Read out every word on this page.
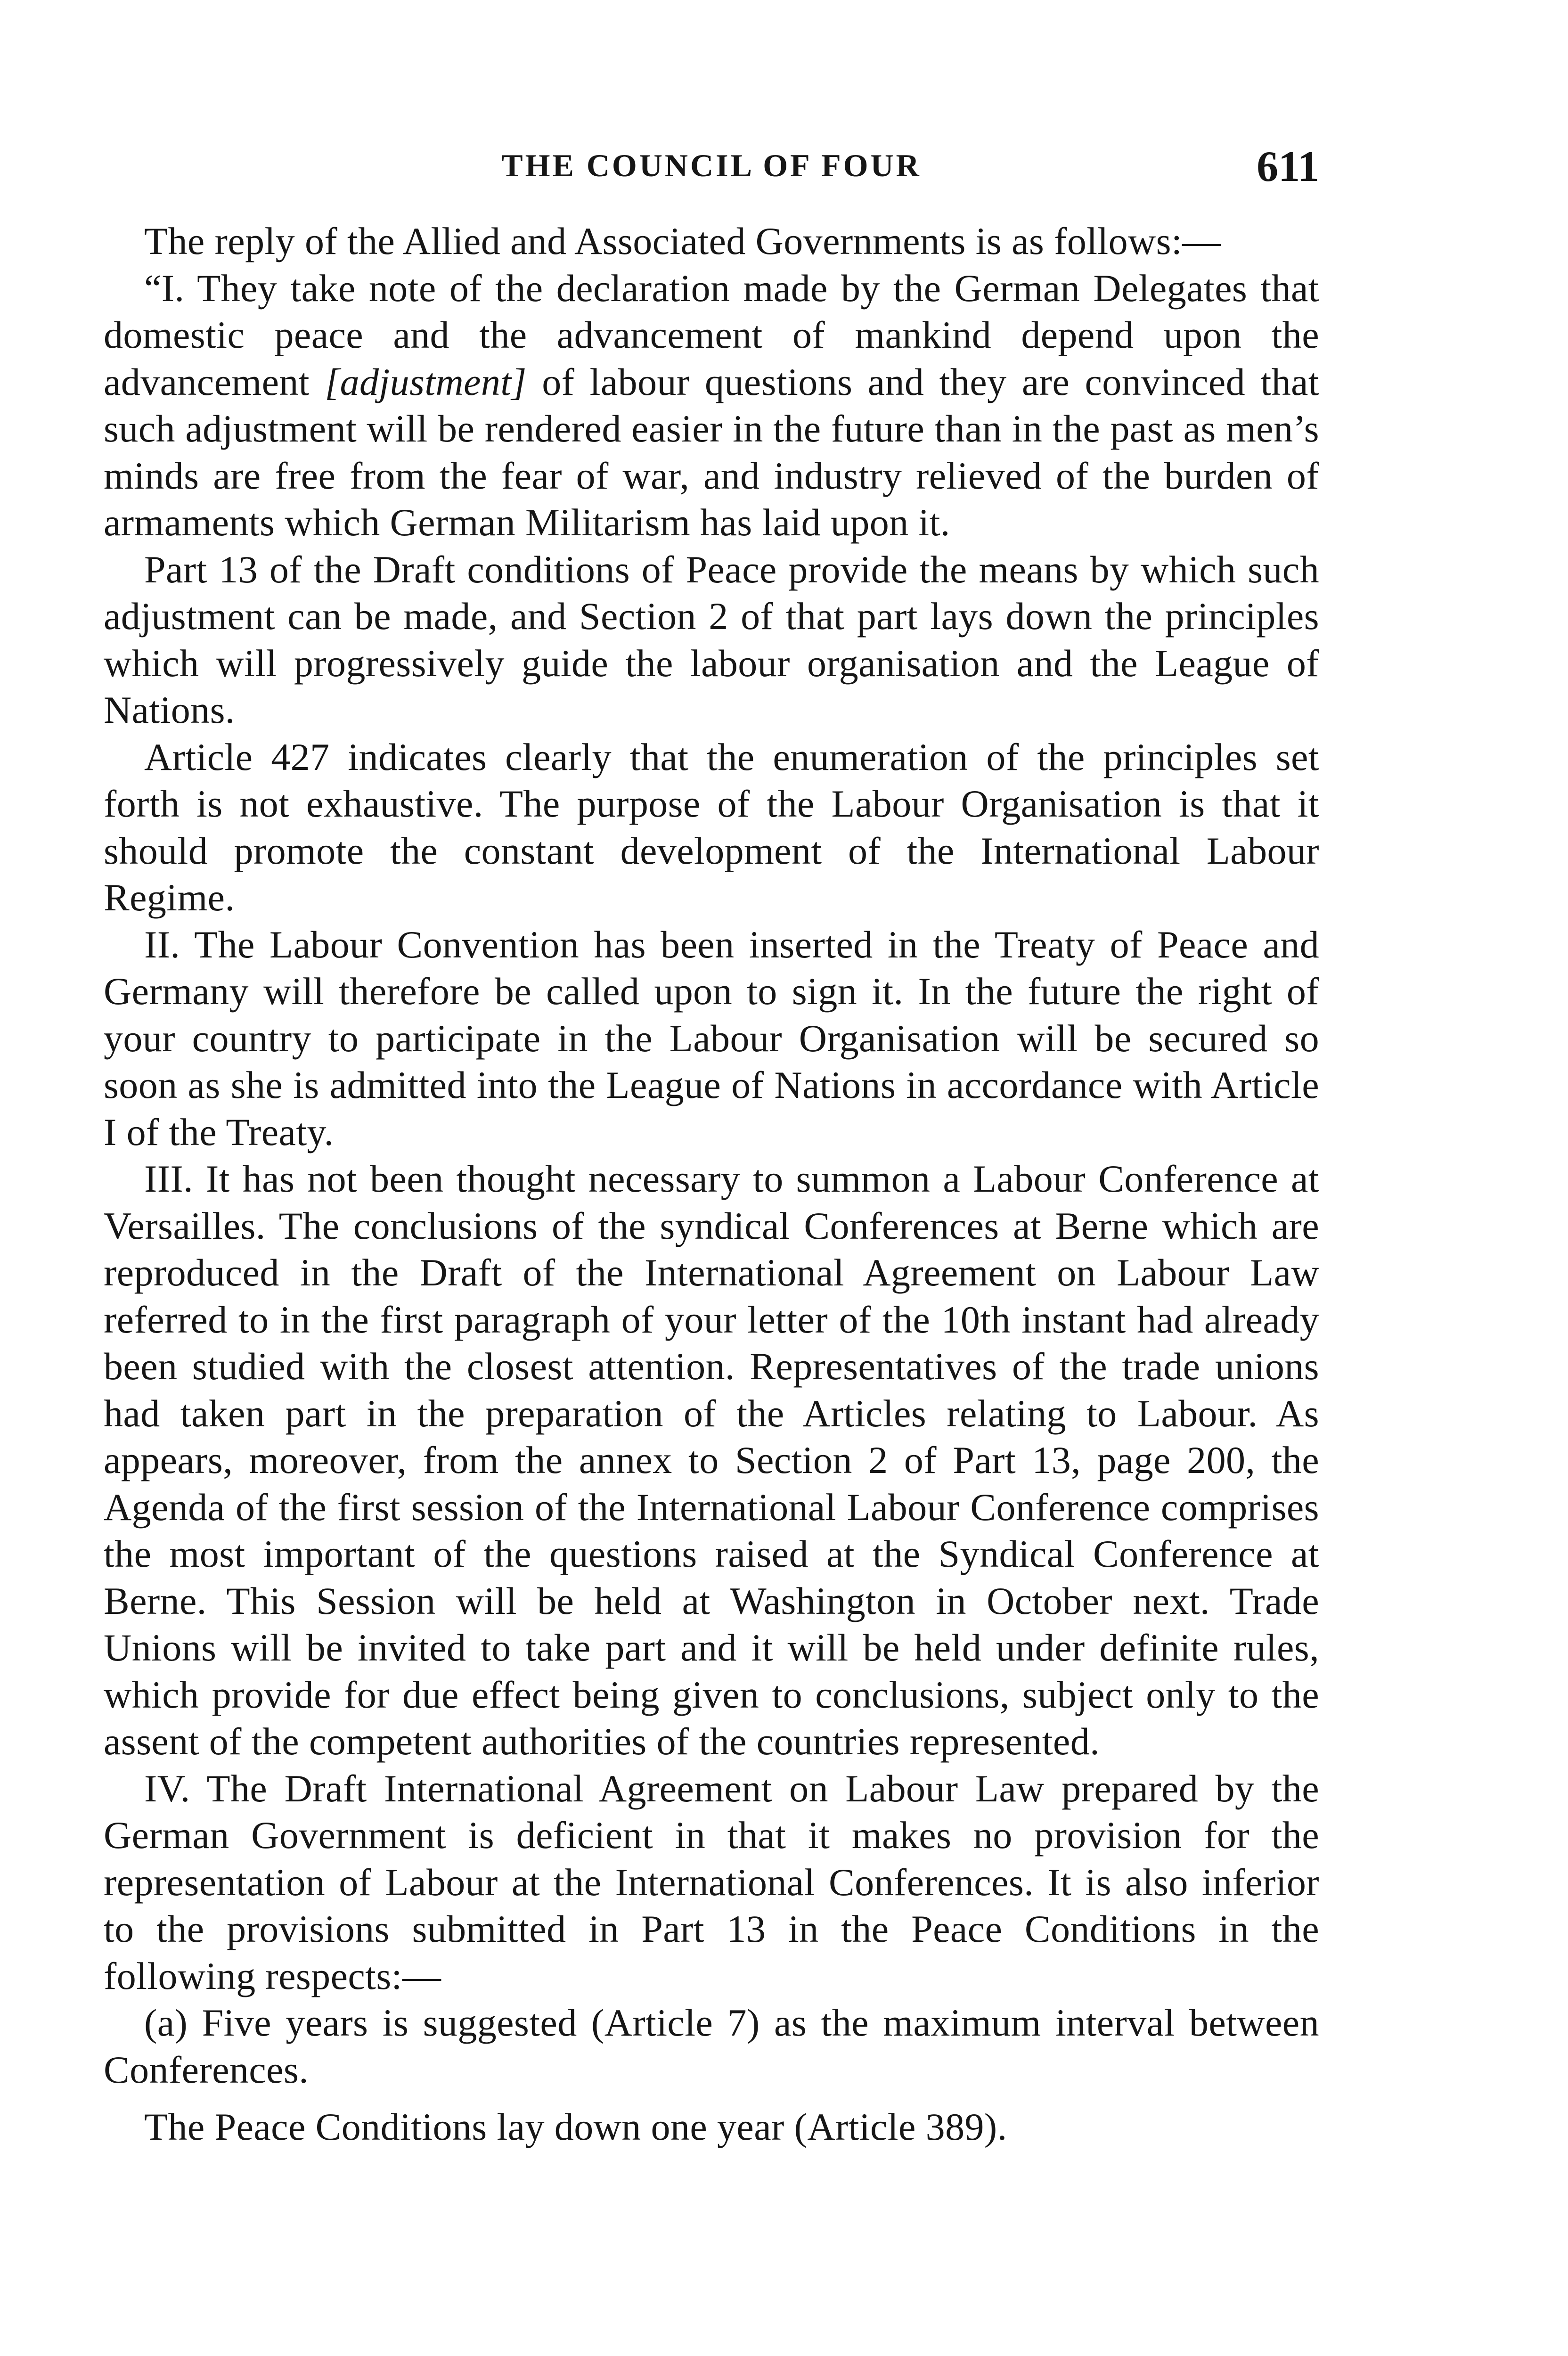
THE COUNCIL OF FOUR	611

The reply of the Allied and Associated Governments is as follows:—

“I. They take note of the declaration made by the German Delegates that domestic peace and the advancement of mankind depend upon the advancement [adjustment] of labour questions and they are convinced that such adjustment will be rendered easier in the future than in the past as men’s minds are free from the fear of war, and industry relieved of the burden of armaments which German Militarism has laid upon it.

Part 13 of the Draft conditions of Peace provide the means by which such adjustment can be made, and Section 2 of that part lays down the principles which will progressively guide the labour organisation and the League of Nations.

Article 427 indicates clearly that the enumeration of the principles set forth is not exhaustive. The purpose of the Labour Organisation is that it should promote the constant development of the International Labour Regime.

II. The Labour Convention has been inserted in the Treaty of Peace and Germany will therefore be called upon to sign it. In the future the right of your country to participate in the Labour Organisation will be secured so soon as she is admitted into the League of Nations in accordance with Article I of the Treaty.

III. It has not been thought necessary to summon a Labour Conference at Versailles. The conclusions of the syndical Conferences at Berne which are reproduced in the Draft of the International Agreement on Labour Law referred to in the first paragraph of your letter of the 10th instant had already been studied with the closest attention. Representatives of the trade unions had taken part in the preparation of the Articles relating to Labour. As appears, moreover, from the annex to Section 2 of Part 13, page 200, the Agenda of the first session of the International Labour Conference comprises the most important of the questions raised at the Syndical Conference at Berne. This Session will be held at Washington in October next. Trade Unions will be invited to take part and it will be held under definite rules, which provide for due effect being given to conclusions, subject only to the assent of the competent authorities of the countries represented.

IV. The Draft International Agreement on Labour Law prepared by the German Government is deficient in that it makes no provision for the representation of Labour at the International Conferences. It is also inferior to the provisions submitted in Part 13 in the Peace Conditions in the following respects:—

(a) Five years is suggested (Article 7) as the maximum interval between Conferences.

The Peace Conditions lay down one year (Article 389).
